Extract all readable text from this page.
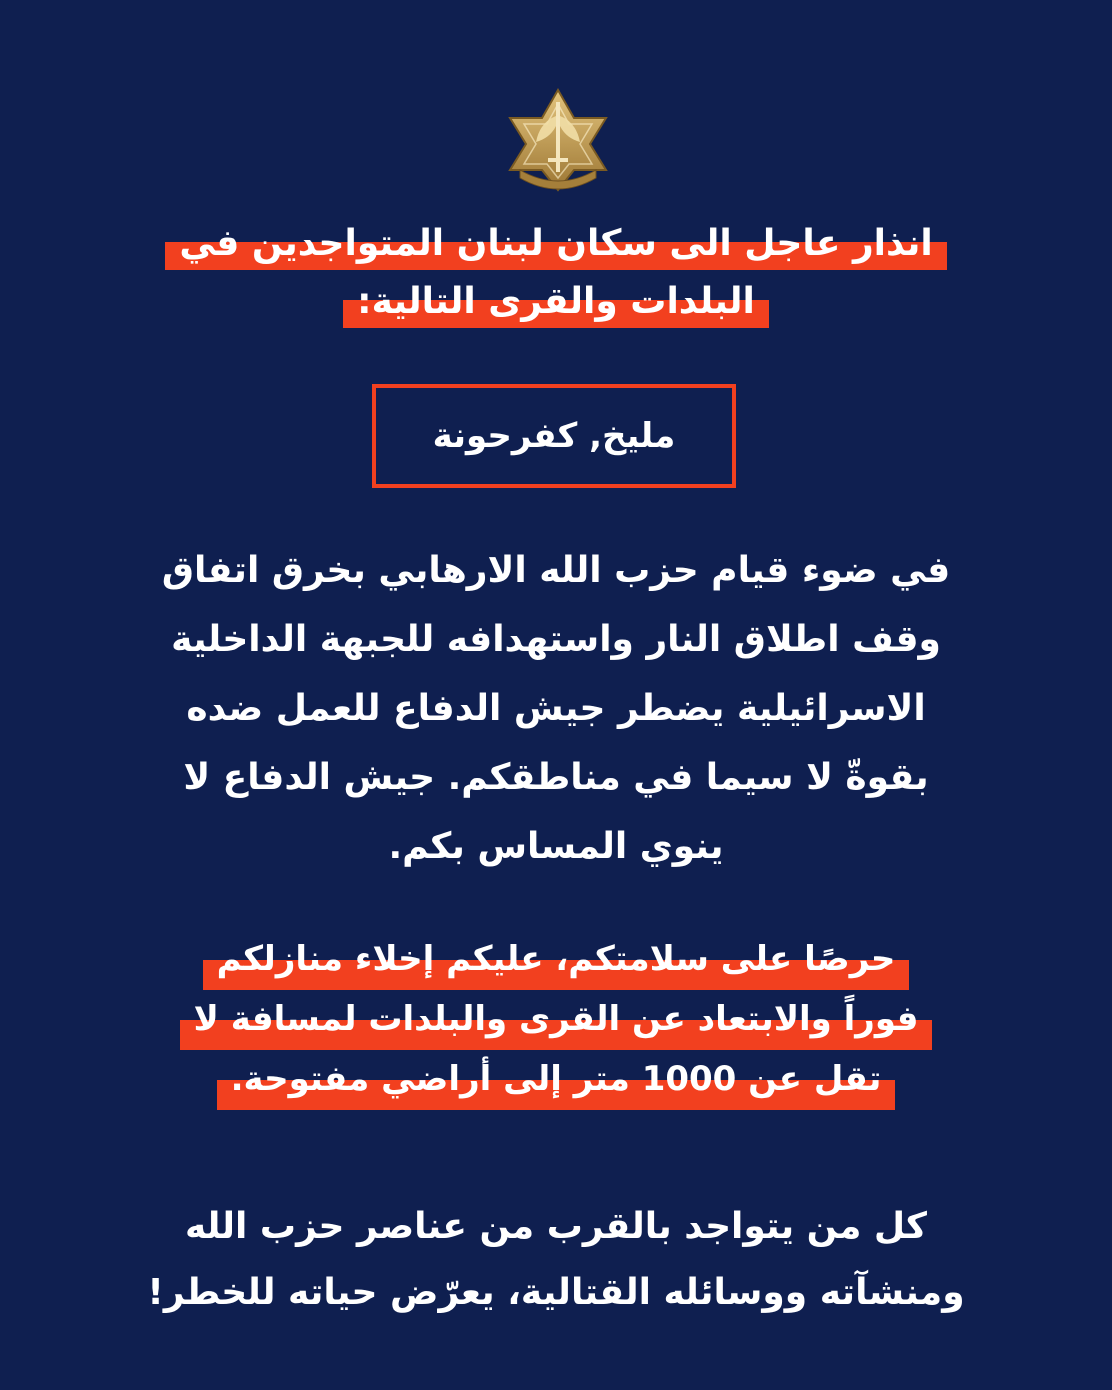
انذار عاجل الى سكان لبنان المتواجدين في
البلدات والقرى التالية:
مليخ, كفرحونة
في ضوء قيام حزب الله الارهابي بخرق اتفاق
وقف اطلاق النار واستهدافه للجبهة الداخلية
الاسرائيلية يضطر جيش الدفاع للعمل ضده
بقوةّ لا سيما في مناطقكم. جيش الدفاع لا
ينوي المساس بكم.
حرصًا على سلامتكم، عليكم إخلاء منازلكم
فوراً والابتعاد عن القرى والبلدات لمسافة لا
تقل عن 1000 متر إلى أراضي مفتوحة.
كل من يتواجد بالقرب من عناصر حزب الله
ومنشآته ووسائله القتالية، يعرّض حياته للخطر!
